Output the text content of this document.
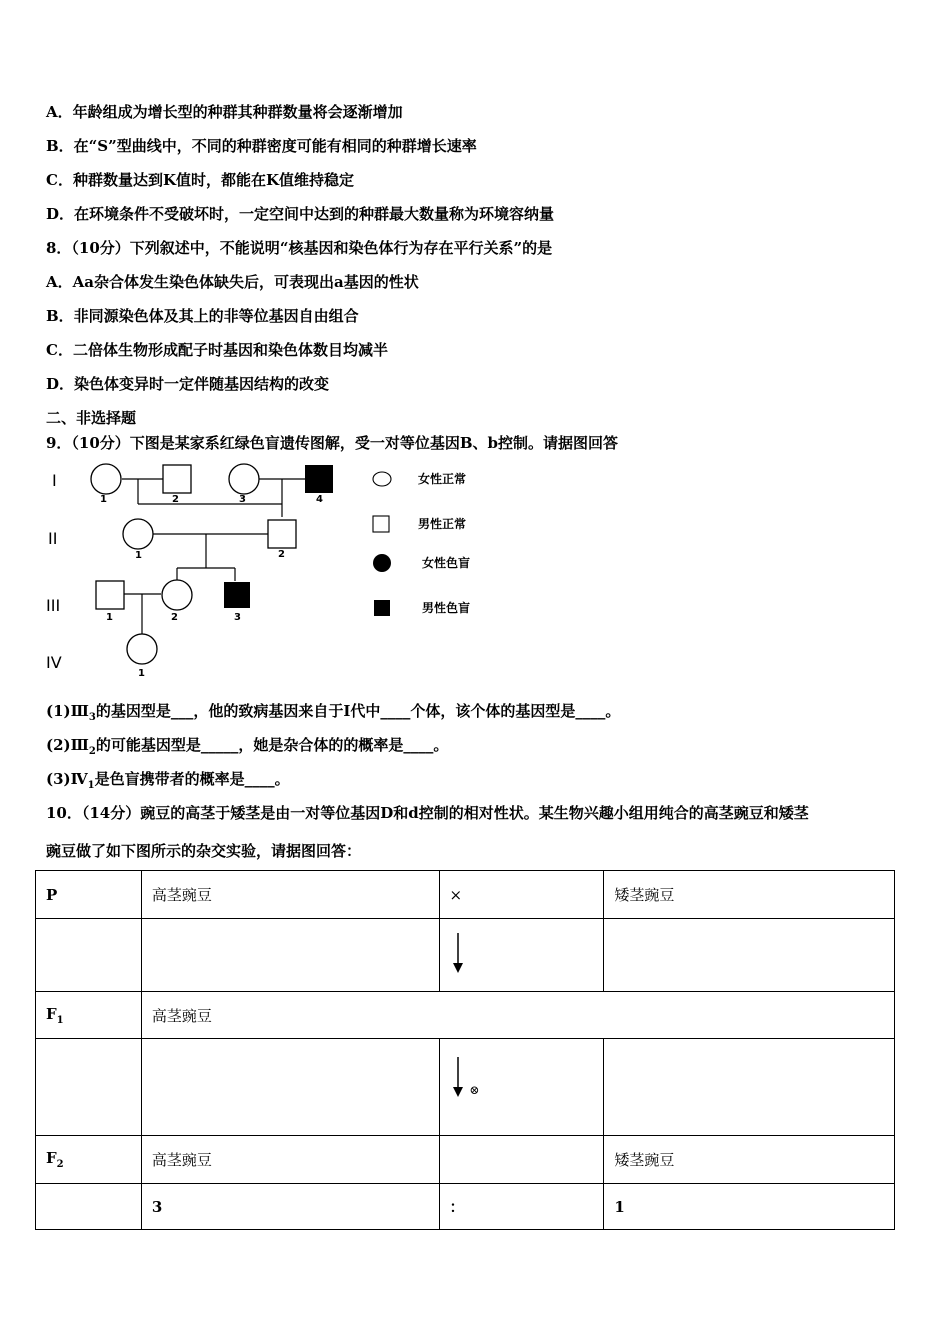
A．年龄组成为增长型的种群其种群数量将会逐渐增加
B．在“S”型曲线中，不同的种群密度可能有相同的种群增长速率
C．种群数量达到K值时，都能在K值维持稳定
D．在环境条件不受破坏时，一定空间中达到的种群最大数量称为环境容纳量
8．（10分）下列叙述中，不能说明“核基因和染色体行为存在平行关系”的是
A．Aa杂合体发生染色体缺失后，可表现出a基因的性状
B．非同源染色体及其上的非等位基因自由组合
C．二倍体生物形成配子时基因和染色体数目均减半
D．染色体变异时一定伴随基因结构的改变
二、非选择题
9．（10分）下图是某家系红绿色盲遗传图解，受一对等位基因B、b控制。请据图回答
I
II
III
IV
1	2	3	4
1	2
1	2	3
1
女性正常
男性正常
女性色盲
男性色盲
$(1)Ⅲ_3$的基因型是___，他的致病基因来自于Ⅰ代中____个体，该个体的基因型是____。
$(2)Ⅲ_2$的可能基因型是_____，她是杂合体的的概率是____。
$(3)Ⅳ_1$是色盲携带者的概率是____。
10．（14分）豌豆的高茎于矮茎是由一对等位基因D和d控制的相对性状。某生物兴趣小组用纯合的高茎豌豆和矮茎
豌豆做了如下图所示的杂交实验，请据图回答：
P	高茎豌豆	×	矮茎豌豆

$F_1$	高茎豌豆		

		⊗	

$F_2$	高茎豌豆		矮茎豌豆
	3	：	1
